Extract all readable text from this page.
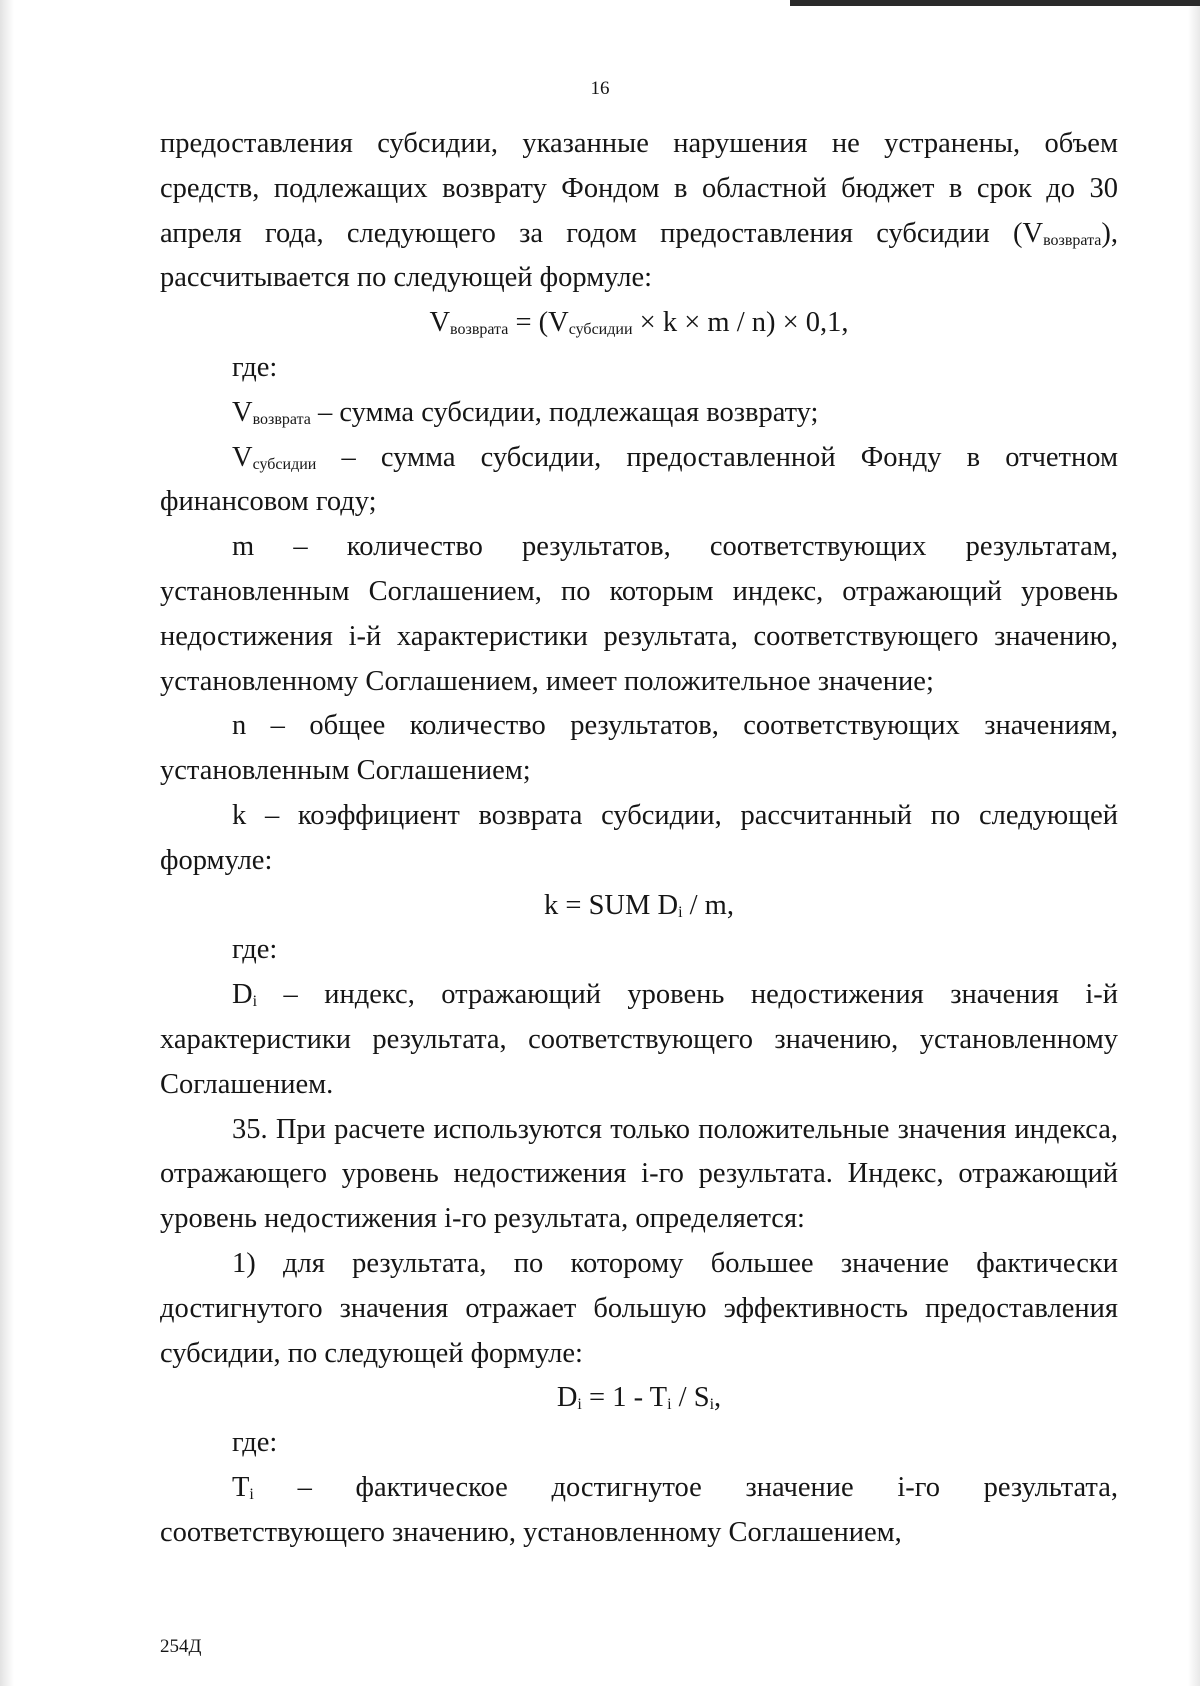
16

предоставления субсидии, указанные нарушения не устранены, объем средств, подлежащих возврату Фондом в областной бюджет в срок до 30 апреля года, следующего за годом предоставления субсидии $(V_{возврата})$, рассчитывается по следующей формуле:

$V_{возврата} = (V_{субсидии} \times k \times m / n) \times 0,1$,

где:

$V_{возврата}$ – сумма субсидии, подлежащая возврату;

$V_{субсидии}$ – сумма субсидии, предоставленной Фонду в отчетном финансовом году;

m – количество результатов, соответствующих результатам, установленным Соглашением, по которым индекс, отражающий уровень недостижения i-й характеристики результата, соответствующего значению, установленному Соглашением, имеет положительное значение;

n – общее количество результатов, соответствующих значениям, установленным Соглашением;

k – коэффициент возврата субсидии, рассчитанный по следующей формуле:

k = SUM $D_i$ / m,

где:

$D_i$ – индекс, отражающий уровень недостижения значения i-й характеристики результата, соответствующего значению, установленному Соглашением.

35. При расчете используются только положительные значения индекса, отражающего уровень недостижения i-го результата. Индекс, отражающий уровень недостижения i-го результата, определяется:

1) для результата, по которому большее значение фактически достигнутого значения отражает большую эффективность предоставления субсидии, по следующей формуле:

$D_i = 1 - T_i / S_i$,

где:

$T_i$ – фактическое достигнутое значение i-го результата, соответствующего значению, установленному Соглашением,

254Д
